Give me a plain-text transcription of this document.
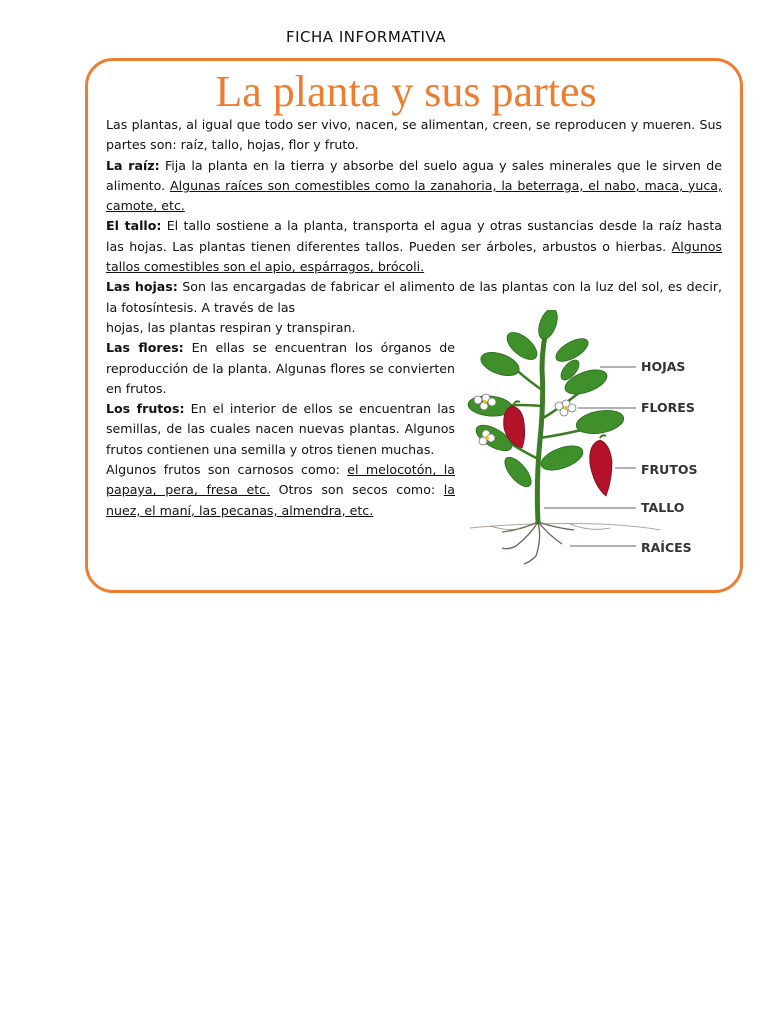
FICHA INFORMATIVA
La planta y sus partes

Las plantas, al igual que todo ser vivo, nacen, se alimentan, creen, se reproducen y mueren. Sus partes son: raíz, tallo, hojas, flor y fruto.

La raíz: Fija la planta en la tierra y absorbe del suelo agua y sales minerales que le sirven de alimento. Algunas raíces son comestibles como la zanahoria, la beterraga, el nabo, maca, yuca, camote, etc.

El tallo: El tallo sostiene a la planta, transporta el agua y otras sustancias desde la raíz hasta las hojas. Las plantas tienen diferentes tallos. Pueden ser árboles, arbustos o hierbas. Algunos tallos comestibles son el apio, espárragos, brócoli.

Las hojas: Son las encargadas de fabricar el alimento de las plantas con la luz del sol, es decir, la fotosíntesis. A través de las

hojas, las plantas respiran y transpiran.

Las flores: En ellas se encuentran los órganos de reproducción de la planta. Algunas flores se convierten en frutos.

Los frutos: En el interior de ellos se encuentran las semillas, de las cuales nacen nuevas plantas. Algunos frutos contienen una semilla y otros tienen muchas.

Algunos frutos son carnosos como: el melocotón, la papaya, pera, fresa etc. Otros son secos como: la nuez, el maní, las pecanas, almendra, etc.

HOJAS
FLORES
FRUTOS
TALLO
RAÍCES
